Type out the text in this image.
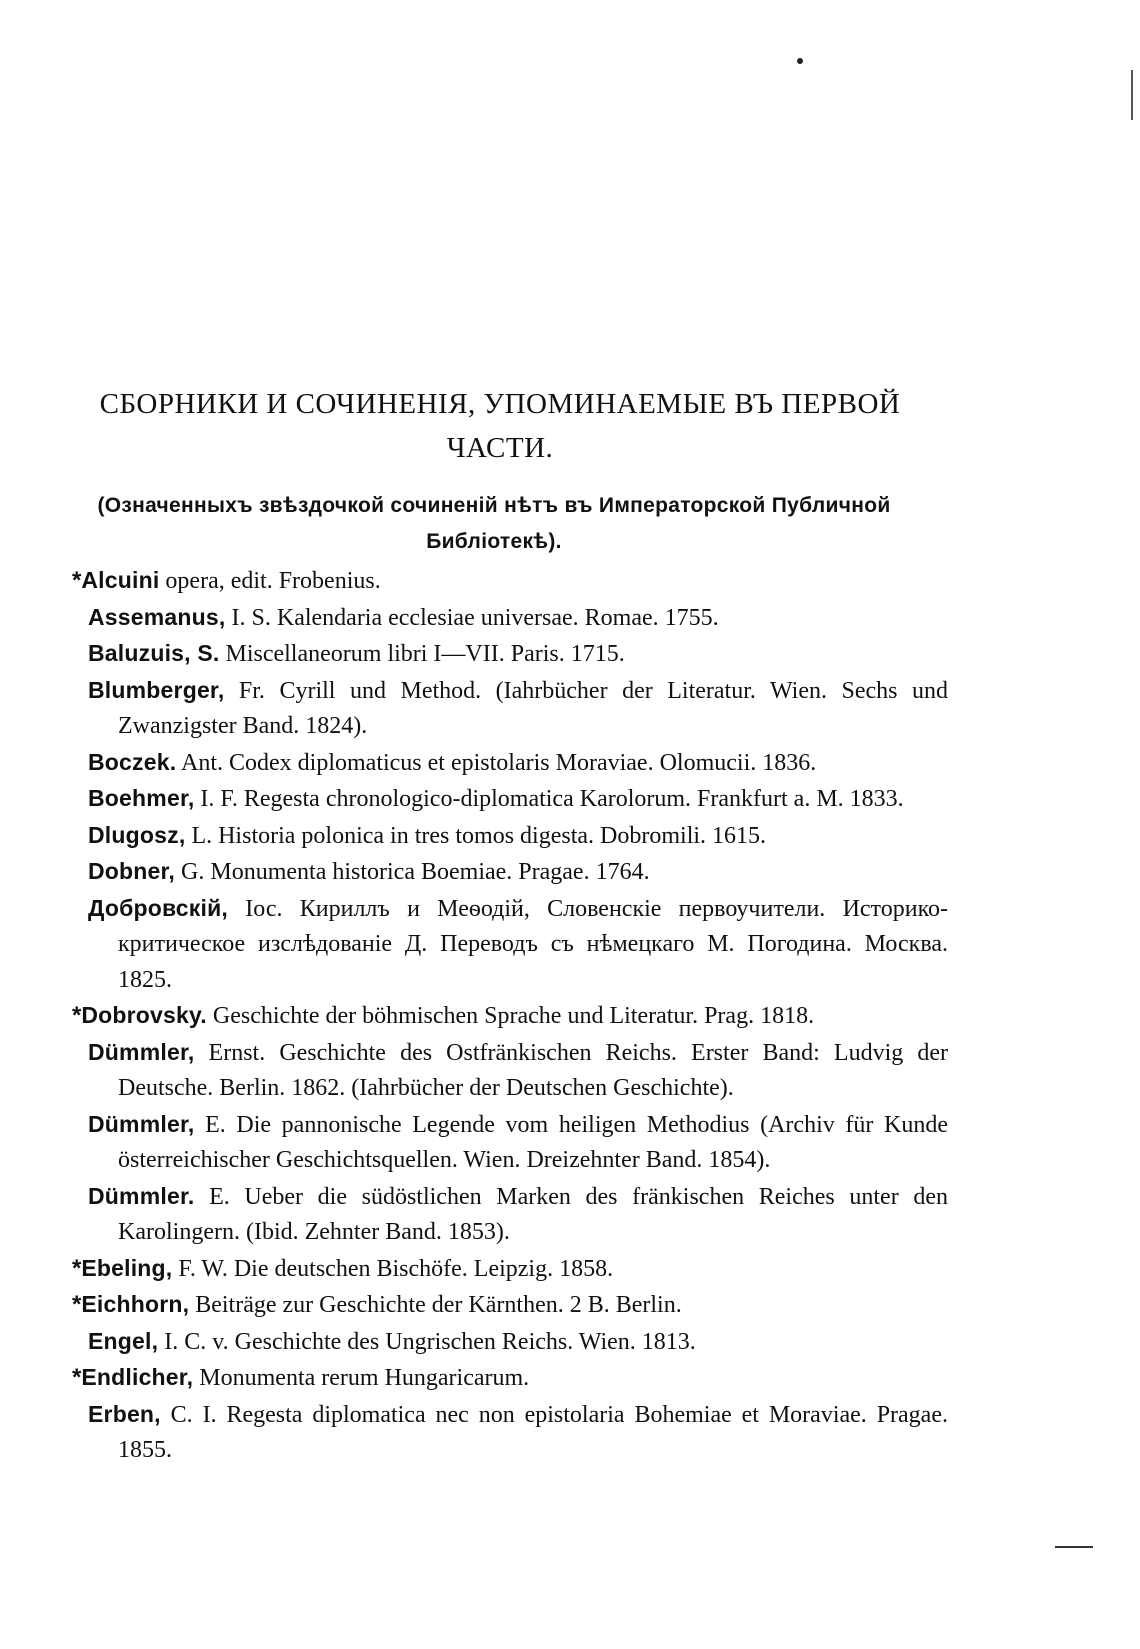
СБОРНИКИ И СОЧИНЕНІЯ, УПОМИНАЕМЫЕ ВЪ ПЕРВОЙ ЧАСТИ.
(Означенныхъ звѣздочкой сочиненій нѣтъ въ Императорской Публичной Библіотекѣ).

*Alcuini opera, edit. Frobenius.

Assemanus, I. S. Kalendaria ecclesiae universae. Romae. 1755.

Baluzuis, S. Miscellaneorum libri I—VII. Paris. 1715.

Blumberger, Fr. Cyrill und Method. (Iahrbücher der Literatur. Wien. Sechs und Zwanzigster Band. 1824).

Boczek. Ant. Codex diplomaticus et epistolaris Moraviae. Olomucii. 1836.

Boehmer, I. F. Regesta chronologico-diplomatica Karolorum. Frankfurt a. M. 1833.

Dlugosz, L. Historia polonica in tres tomos digesta. Dobromili. 1615.

Dobner, G. Monumenta historica Boemiae. Pragae. 1764.

Добровскій, Іос. Кириллъ и Меѳодій, Словенскіе первоучители. Историко-критическое изслѣдованіе Д. Переводъ съ нѣмецкаго М. Погодина. Москва. 1825.

*Dobrovsky. Geschichte der böhmischen Sprache und Literatur. Prag. 1818.

Dümmler, Ernst. Geschichte des Ostfränkischen Reichs. Erster Band: Ludvig der Deutsche. Berlin. 1862. (Iahrbücher der Deutschen Geschichte).

Dümmler, E. Die pannonische Legende vom heiligen Methodius (Archiv für Kunde österreichischer Geschichtsquellen. Wien. Dreizehnter Band. 1854).

Dümmler. E. Ueber die südöstlichen Marken des fränkischen Reiches unter den Karolingern. (Ibid. Zehnter Band. 1853).

*Ebeling, F. W. Die deutschen Bischöfe. Leipzig. 1858.

*Eichhorn, Beiträge zur Geschichte der Kärnthen. 2 B. Berlin.

Engel, I. C. v. Geschichte des Ungrischen Reichs. Wien. 1813.

*Endlicher, Monumenta rerum Hungaricarum.

Erben, C. I. Regesta diplomatica nec non epistolaria Bohemiae et Moraviae. Pragae. 1855.
